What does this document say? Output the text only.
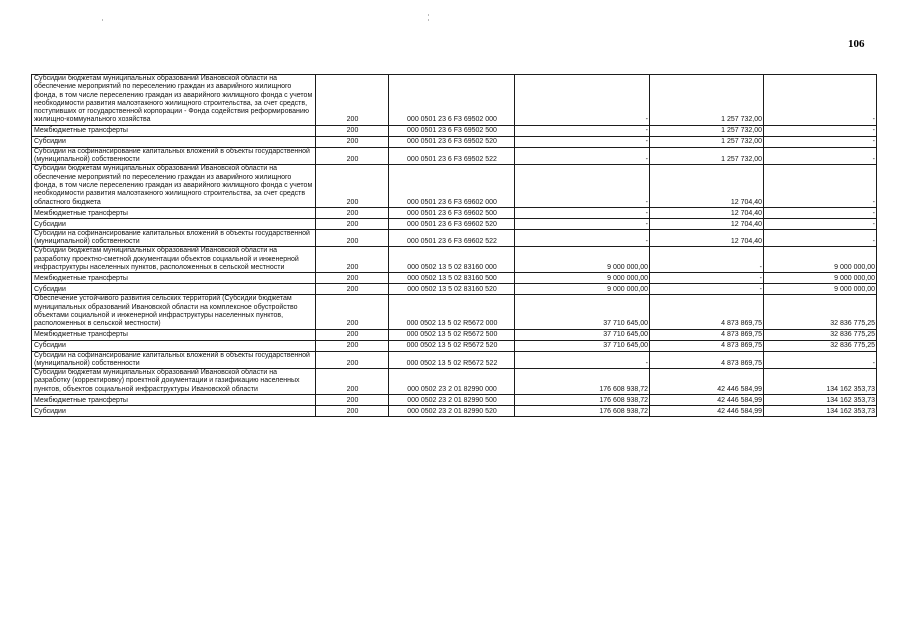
106
Субсидии бюджетам муниципальных образований Ивановской области на обеспечение мероприятий по переселению граждан из аварийного жилищного фонда, в том числе переселению граждан из аварийного жилищного фонда с учетом необходимости развития малоэтажного жилищного строительства, за счет средств, поступивших от государственной корпорации - Фонда содействия реформированию жилищно-коммунального хозяйства	200	000 0501 23 6 F3 69502 000	-	1 257 732,00	-
Межбюджетные трансферты	200	000 0501 23 6 F3 69502 500	-	1 257 732,00	-
Субсидии	200	000 0501 23 6 F3 69502 520	-	1 257 732,00	-
Субсидии на софинансирование капитальных вложений в объекты государственной (муниципальной) собственности	200	000 0501 23 6 F3 69502 522	-	1 257 732,00	-
Субсидии бюджетам муниципальных образований Ивановской области на обеспечение мероприятий по переселению граждан из аварийного жилищного фонда, в том числе переселению граждан из аварийного жилищного фонда с учетом необходимости развития малоэтажного жилищного строительства, за счет средств областного бюджета	200	000 0501 23 6 F3 69602 000	-	12 704,40	-
Межбюджетные трансферты	200	000 0501 23 6 F3 69602 500	-	12 704,40	-
Субсидии	200	000 0501 23 6 F3 69602 520	-	12 704,40	-
Субсидии на софинансирование капитальных вложений в объекты государственной (муниципальной) собственности	200	000 0501 23 6 F3 69602 522	-	12 704,40	-
Субсидии бюджетам муниципальных образований Ивановской области на разработку проектно-сметной документации объектов социальной и инженерной инфраструктуры населенных пунктов, расположенных в сельской местности	200	000 0502 13 5 02 83160 000	9 000 000,00	-	9 000 000,00
Межбюджетные трансферты	200	000 0502 13 5 02 83160 500	9 000 000,00	-	9 000 000,00
Субсидии	200	000 0502 13 5 02 83160 520	9 000 000,00	-	9 000 000,00
Обеспечение устойчивого развития сельских территорий (Субсидии бюджетам муниципальных образований Ивановской области на комплексное обустройство объектами социальной и инженерной инфраструктуры населенных пунктов, расположенных в сельской местности)	200	000 0502 13 5 02 R5672 000	37 710 645,00	4 873 869,75	32 836 775,25
Межбюджетные трансферты	200	000 0502 13 5 02 R5672 500	37 710 645,00	4 873 869,75	32 836 775,25
Субсидии	200	000 0502 13 5 02 R5672 520	37 710 645,00	4 873 869,75	32 836 775,25
Субсидии на софинансирование капитальных вложений в объекты государственной (муниципальной) собственности	200	000 0502 13 5 02 R5672 522	-	4 873 869,75	-
Субсидии бюджетам муниципальных образований Ивановской области на разработку (корректировку) проектной документации и газификацию населенных пунктов, объектов социальной инфраструктуры Ивановской области	200	000 0502 23 2 01 82990 000	176 608 938,72	42 446 584,99	134 162 353,73
Межбюджетные трансферты	200	000 0502 23 2 01 82990 500	176 608 938,72	42 446 584,99	134 162 353,73
Субсидии	200	000 0502 23 2 01 82990 520	176 608 938,72	42 446 584,99	134 162 353,73
